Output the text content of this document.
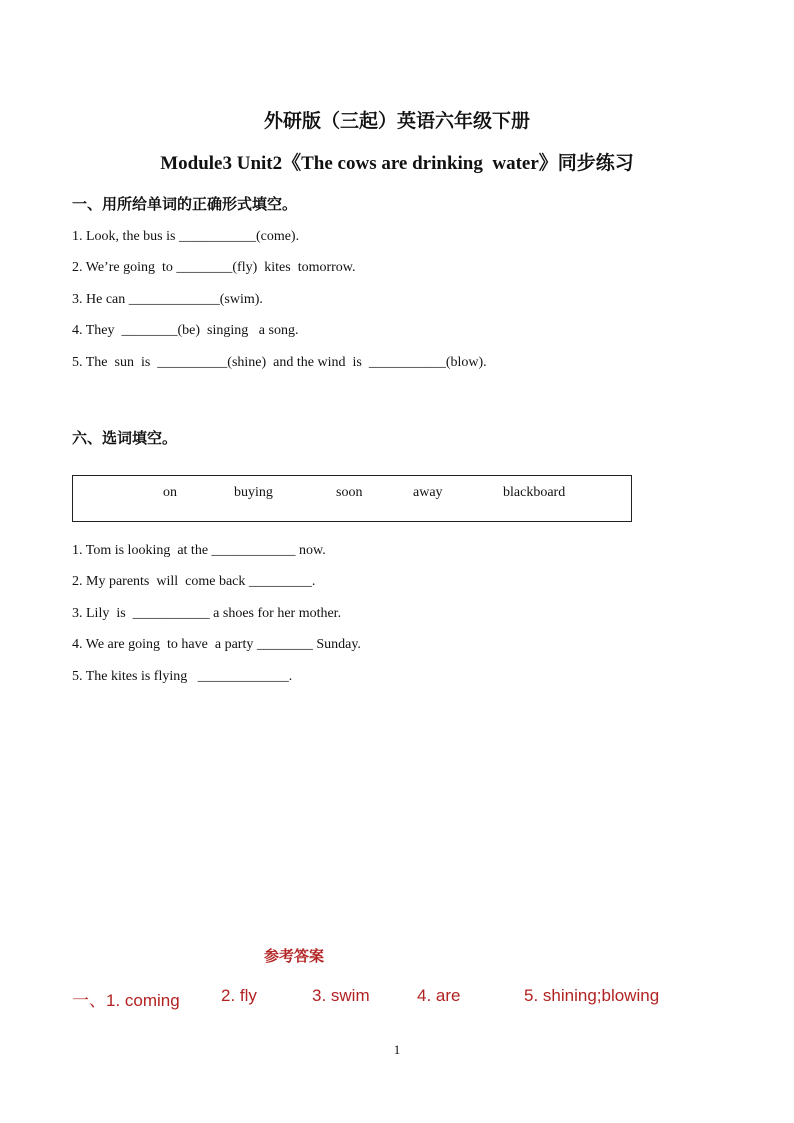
外研版（三起）英语六年级下册
Module3 Unit2《The cows are drinking  water》同步练习
一、用所给单词的正确形式填空。
1. Look, the bus is ___________(come).
2. We’re going  to ________(fly)  kites  tomorrow.
3. He can _____________(swim).
4. They  ________(be)  singing   a song.
5. The  sun  is  __________(shine)  and the wind  is  ___________(blow).
六、选词填空。
on	buying	soon	away	blackboard
1. Tom is looking  at the ____________ now.
2. My parents  will  come back _________.
3. Lily  is  ___________ a shoes for her mother.
4. We are going  to have  a party ________ Sunday.
5. The kites is flying   _____________.
参考答案
一、1. coming 2. fly	3. swim	4. are	5. shining;blowing
1
